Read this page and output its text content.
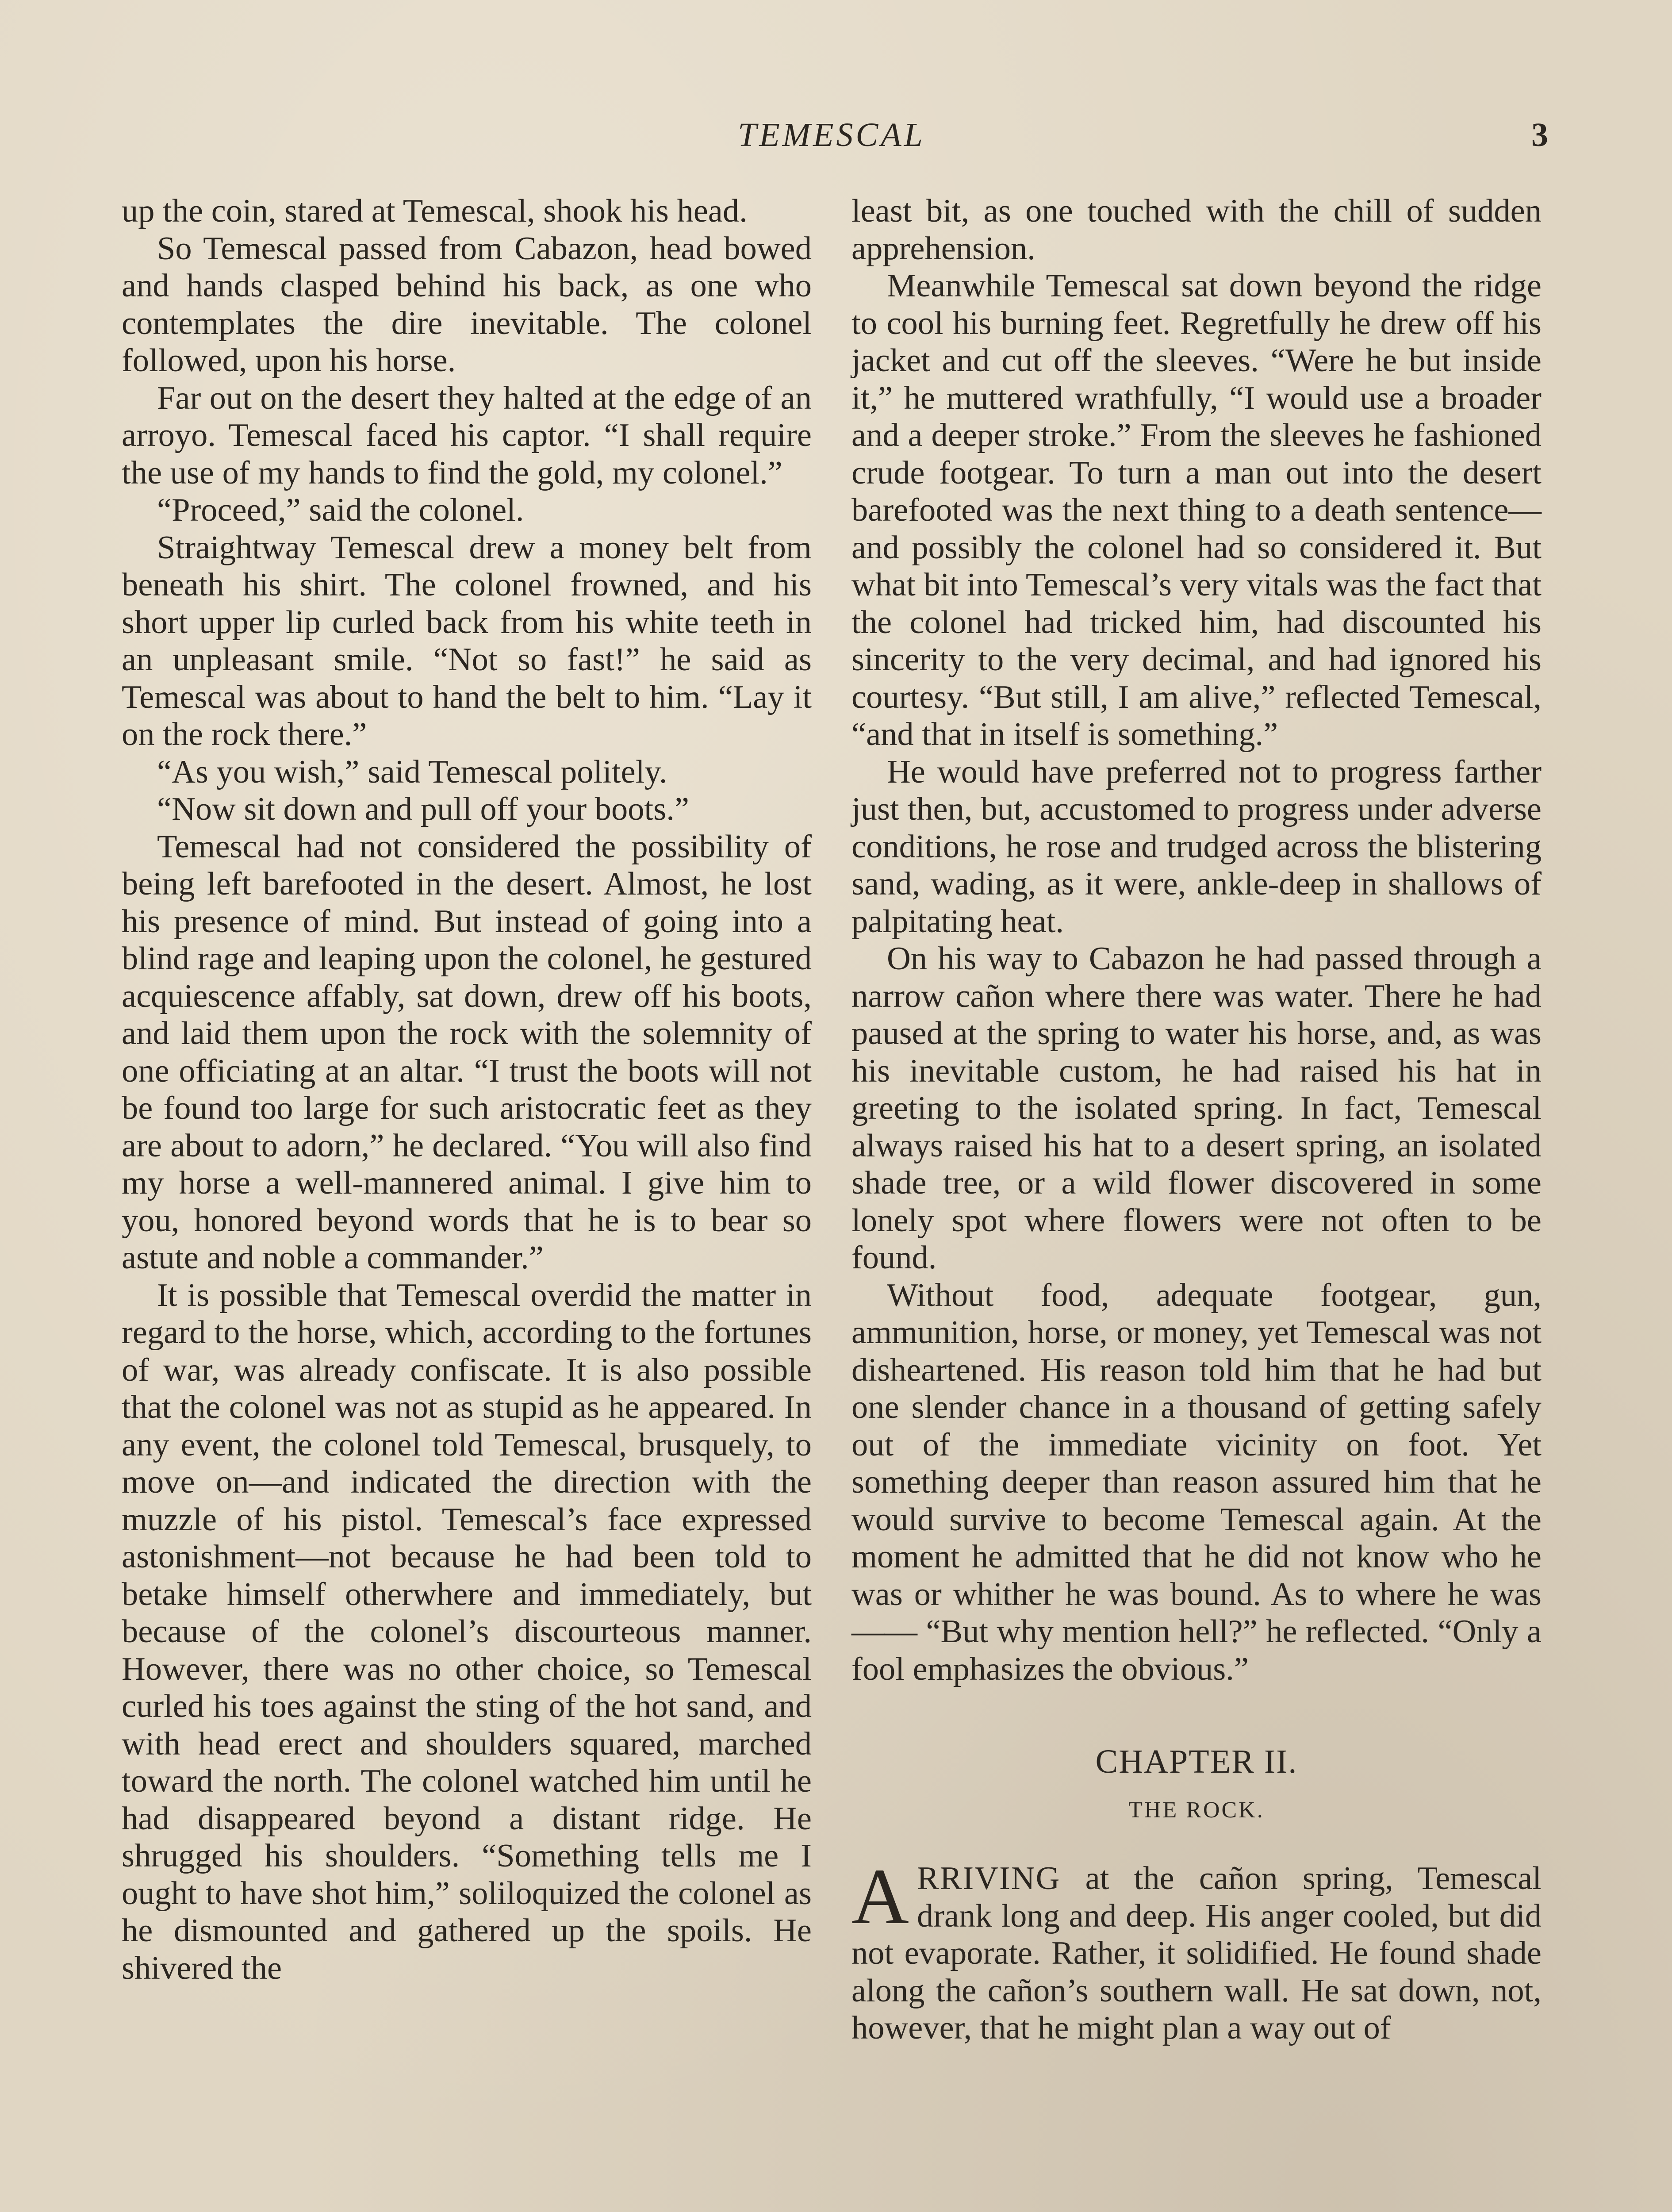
TEMESCAL	3

up the coin, stared at Temescal, shook his head.

So Temescal passed from Cabazon, head bowed and hands clasped behind his back, as one who contemplates the dire inevitable. The colonel followed, upon his horse.

Far out on the desert they halted at the edge of an arroyo. Temescal faced his captor. “I shall require the use of my hands to find the gold, my colonel.”

“Proceed,” said the colonel.

Straightway Temescal drew a money belt from beneath his shirt. The colonel frowned, and his short upper lip curled back from his white teeth in an unpleasant smile. “Not so fast!” he said as Temescal was about to hand the belt to him. “Lay it on the rock there.”

“As you wish,” said Temescal politely.

“Now sit down and pull off your boots.”

Temescal had not considered the possibility of being left barefooted in the desert. Almost, he lost his presence of mind. But instead of going into a blind rage and leaping upon the colonel, he gestured acquiescence affably, sat down, drew off his boots, and laid them upon the rock with the solemnity of one officiating at an altar. “I trust the boots will not be found too large for such aristocratic feet as they are about to adorn,” he declared. “You will also find my horse a well-mannered animal. I give him to you, honored beyond words that he is to bear so astute and noble a commander.”

It is possible that Temescal overdid the matter in regard to the horse, which, according to the fortunes of war, was already confiscate. It is also possible that the colonel was not as stupid as he appeared. In any event, the colonel told Temescal, brusquely, to move on—and indicated the direction with the muzzle of his pistol. Temescal’s face expressed astonishment—not because he had been told to betake himself otherwhere and immediately, but because of the colonel’s discourteous manner. However, there was no other choice, so Temescal curled his toes against the sting of the hot sand, and with head erect and shoulders squared, marched toward the north. The colonel watched him until he had disappeared beyond a distant ridge. He shrugged his shoulders. “Something tells me I ought to have shot him,” soliloquized the colonel as he dismounted and gathered up the spoils. He shivered the

least bit, as one touched with the chill of sudden apprehension.

Meanwhile Temescal sat down beyond the ridge to cool his burning feet. Regretfully he drew off his jacket and cut off the sleeves. “Were he but inside it,” he muttered wrathfully, “I would use a broader and a deeper stroke.” From the sleeves he fashioned crude footgear. To turn a man out into the desert barefooted was the next thing to a death sentence—and possibly the colonel had so considered it. But what bit into Temescal’s very vitals was the fact that the colonel had tricked him, had discounted his sincerity to the very decimal, and had ignored his courtesy. “But still, I am alive,” reflected Temescal, “and that in itself is something.”

He would have preferred not to progress farther just then, but, accustomed to progress under adverse conditions, he rose and trudged across the blistering sand, wading, as it were, ankle-deep in shallows of palpitating heat.

On his way to Cabazon he had passed through a narrow cañon where there was water. There he had paused at the spring to water his horse, and, as was his inevitable custom, he had raised his hat in greeting to the isolated spring. In fact, Temescal always raised his hat to a desert spring, an isolated shade tree, or a wild flower discovered in some lonely spot where flowers were not often to be found.

Without food, adequate footgear, gun, ammunition, horse, or money, yet Temescal was not disheartened. His reason told him that he had but one slender chance in a thousand of getting safely out of the immediate vicinity on foot. Yet something deeper than reason assured him that he would survive to become Temescal again. At the moment he admitted that he did not know who he was or whither he was bound. As to where he was—— “But why mention hell?” he reflected. “Only a fool emphasizes the obvious.”

CHAPTER II.
THE ROCK.

ARRIVING at the cañon spring, Temescal drank long and deep. His anger cooled, but did not evaporate. Rather, it solidified. He found shade along the cañon’s southern wall. He sat down, not, however, that he might plan a way out of
